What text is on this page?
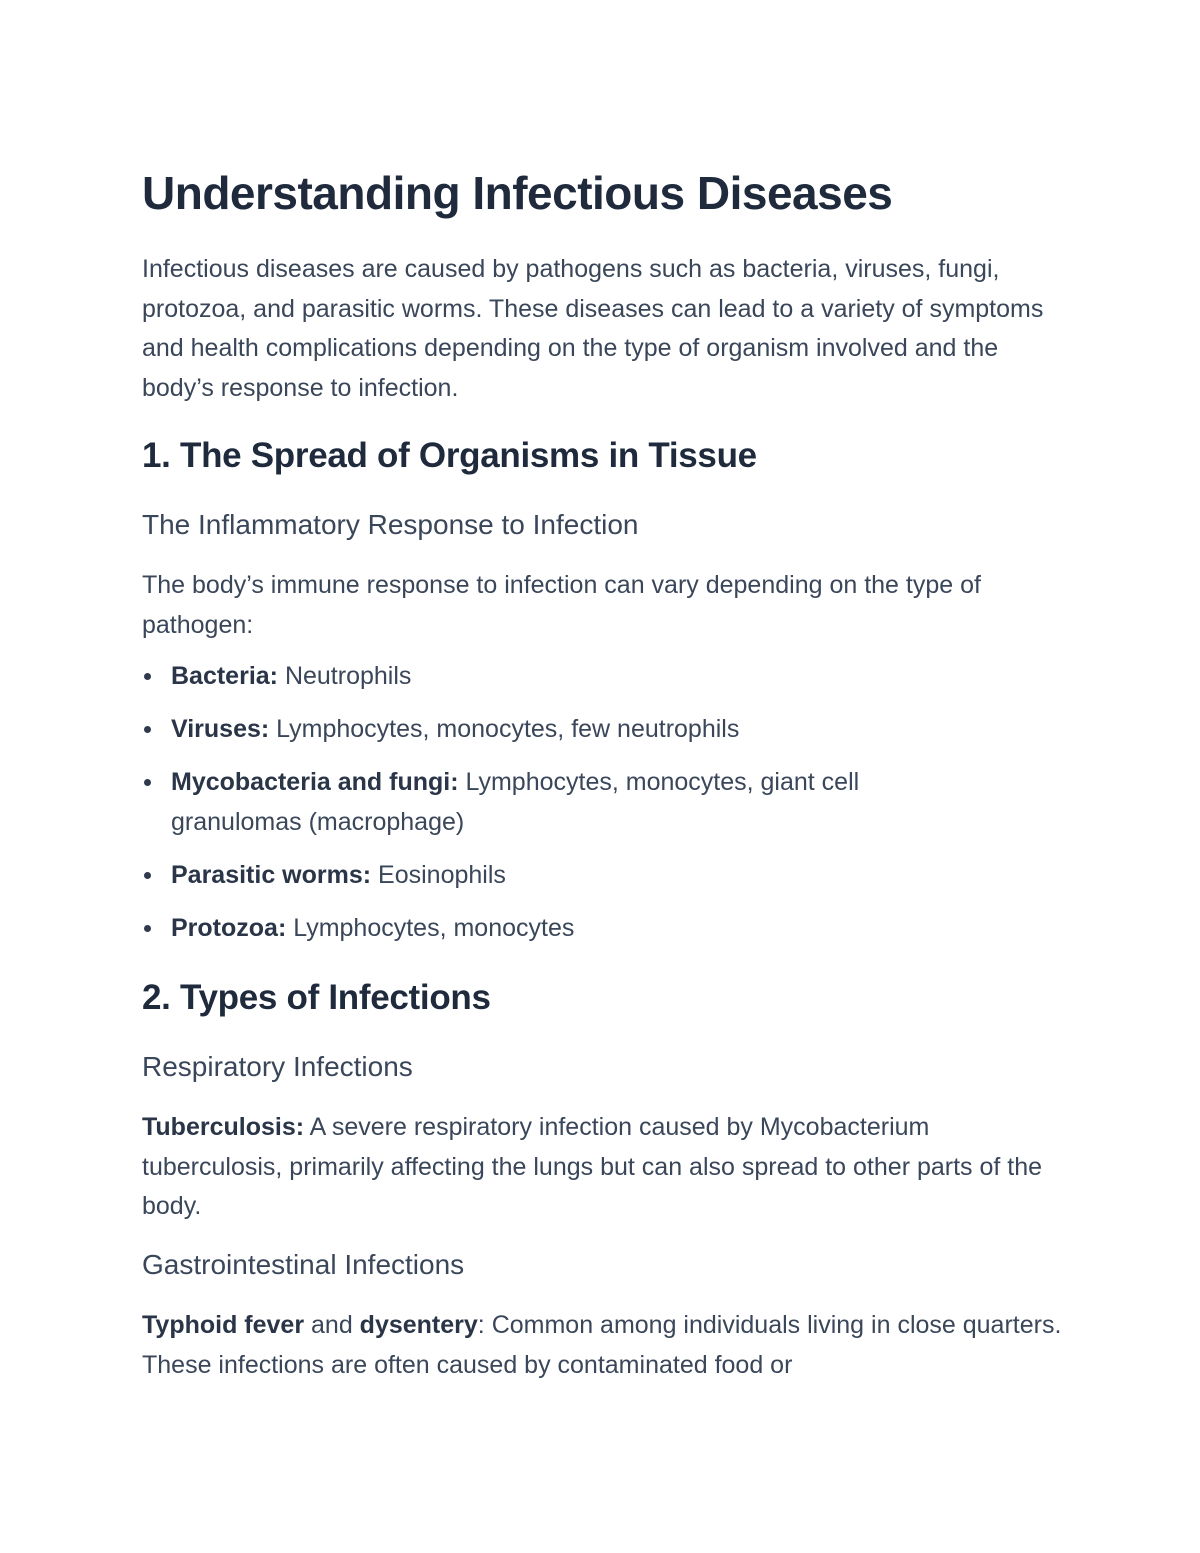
Understanding Infectious Diseases

Infectious diseases are caused by pathogens such as bacteria, viruses, fungi, protozoa, and parasitic worms. These diseases can lead to a variety of symptoms and health complications depending on the type of organism involved and the body’s response to infection.

1. The Spread of Organisms in Tissue
The Inflammatory Response to Infection

The body’s immune response to infection can vary depending on the type of pathogen:

Bacteria: Neutrophils
Viruses: Lymphocytes, monocytes, few neutrophils
Mycobacteria and fungi: Lymphocytes, monocytes, giant cell granulomas (macrophage)
Parasitic worms: Eosinophils
Protozoa: Lymphocytes, monocytes
2. Types of Infections
Respiratory Infections

Tuberculosis: A severe respiratory infection caused by Mycobacterium tuberculosis, primarily affecting the lungs but can also spread to other parts of the body.

Gastrointestinal Infections

Typhoid fever and dysentery: Common among individuals living in close quarters. These infections are often caused by contaminated food or
